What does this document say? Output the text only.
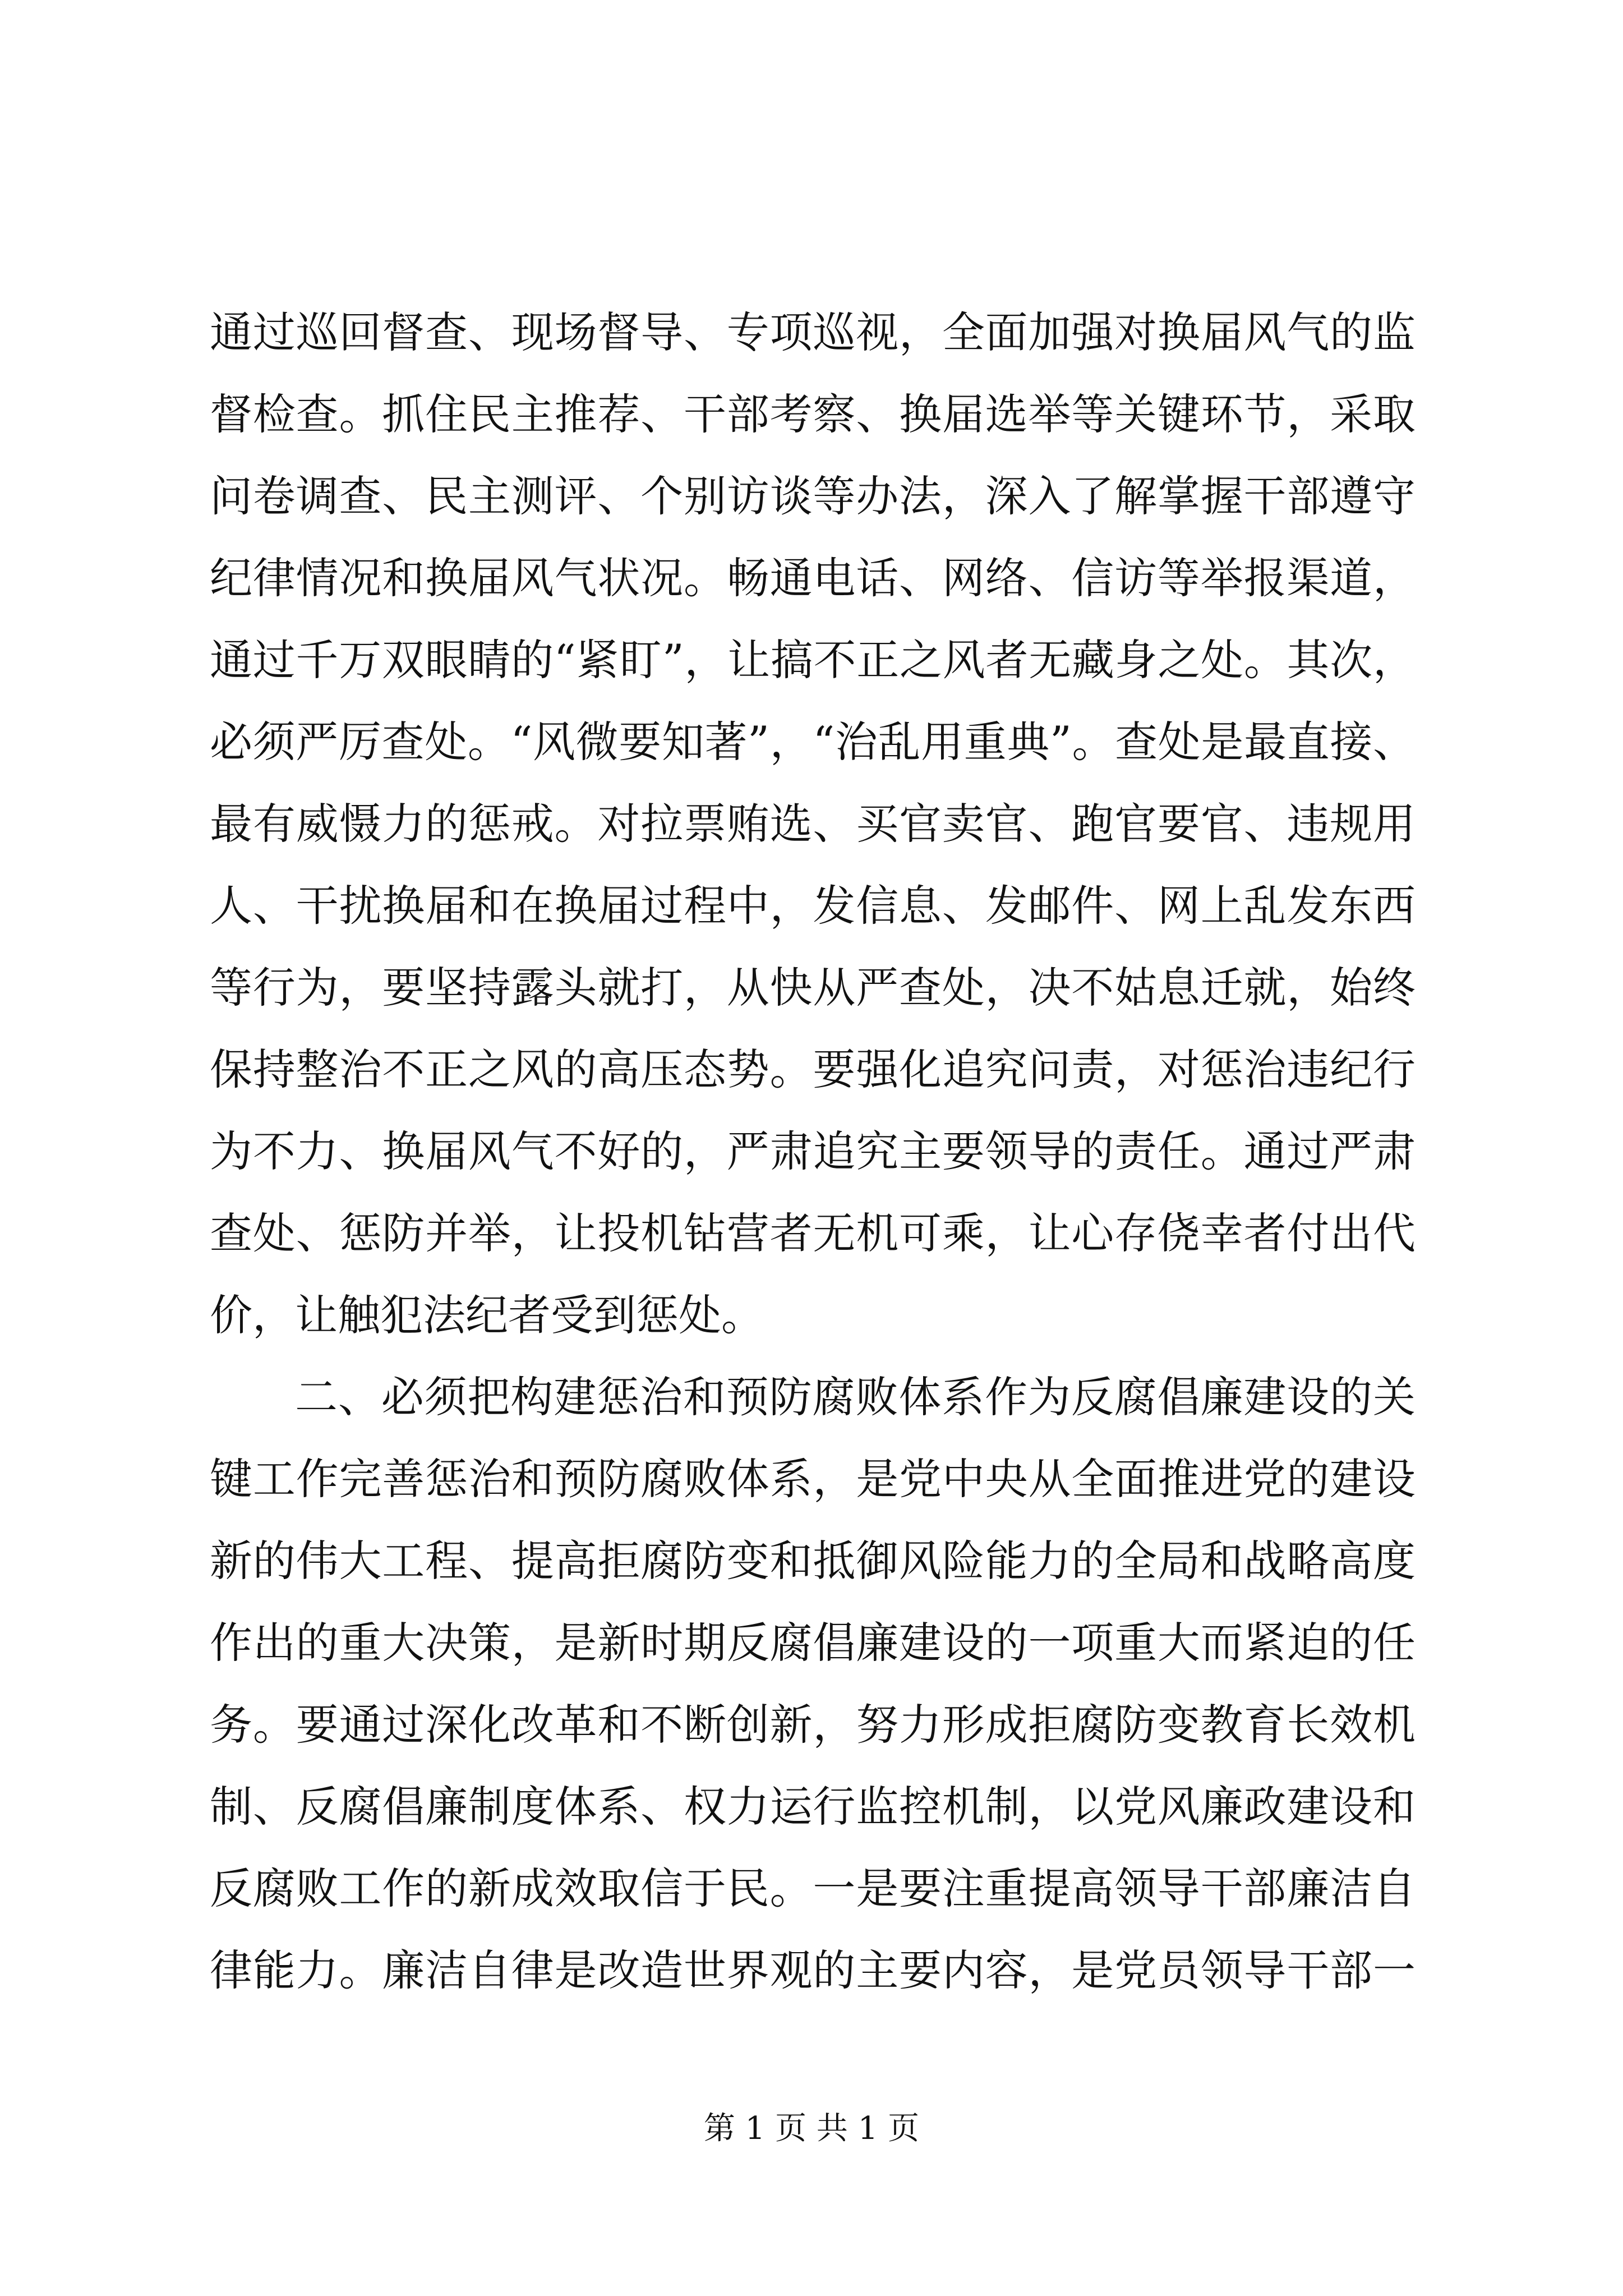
通过巡回督查、现场督导、专项巡视，全面加强对换届风气的监
督检查。抓住民主推荐、干部考察、换届选举等关键环节，采取
问卷调查、民主测评、个别访谈等办法，深入了解掌握干部遵守
纪律情况和换届风气状况。畅通电话、网络、信访等举报渠道，
通过千万双眼睛的“紧盯”，让搞不正之风者无藏身之处。其次，
必须严厉查处。“风微要知著”，“治乱用重典”。查处是最直接、
最有威慑力的惩戒。对拉票贿选、买官卖官、跑官要官、违规用
人、干扰换届和在换届过程中，发信息、发邮件、网上乱发东西
等行为，要坚持露头就打，从快从严查处，决不姑息迁就，始终
保持整治不正之风的高压态势。要强化追究问责，对惩治违纪行
为不力、换届风气不好的，严肃追究主要领导的责任。通过严肃
查处、惩防并举，让投机钻营者无机可乘，让心存侥幸者付出代
价，让触犯法纪者受到惩处。
二、必须把构建惩治和预防腐败体系作为反腐倡廉建设的关
键工作完善惩治和预防腐败体系，是党中央从全面推进党的建设
新的伟大工程、提高拒腐防变和抵御风险能力的全局和战略高度
作出的重大决策，是新时期反腐倡廉建设的一项重大而紧迫的任
务。要通过深化改革和不断创新，努力形成拒腐防变教育长效机
制、反腐倡廉制度体系、权力运行监控机制，以党风廉政建设和
反腐败工作的新成效取信于民。一是要注重提高领导干部廉洁自
律能力。廉洁自律是改造世界观的主要内容，是党员领导干部一
第 1 页 共 1 页
